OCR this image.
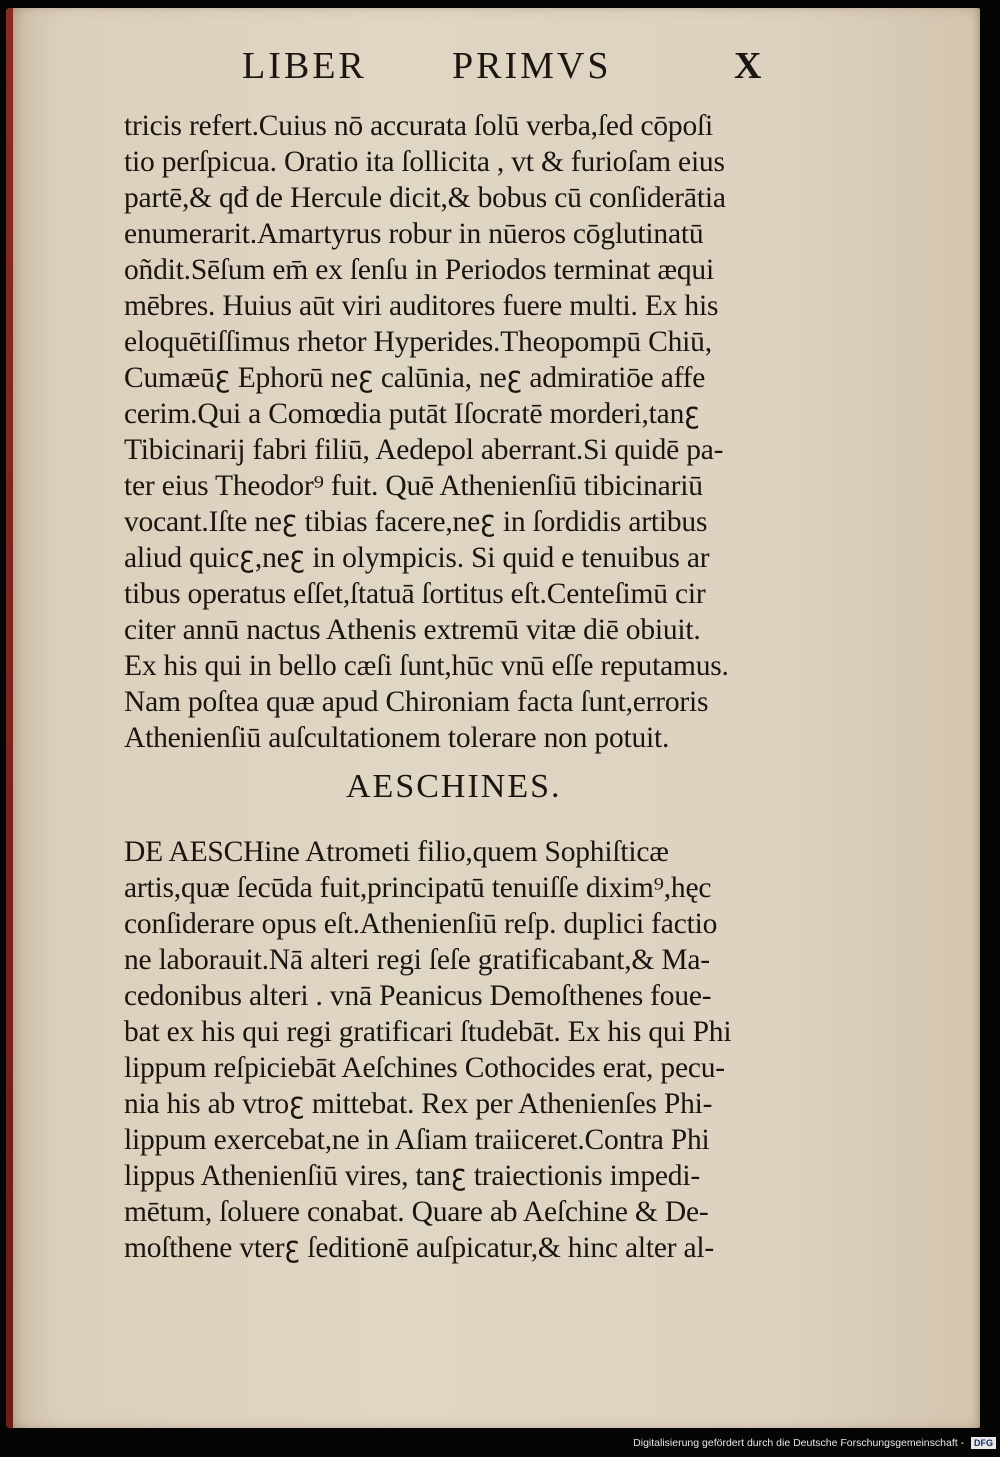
LIBER PRIMVS	X
tricis refert.Cuius nō accurata ſolū verba,ſed cōpoſi
tio perſpicua. Oratio ita ſollicita , vt & furioſam eius
partē,& qđ de Hercule dicit,& bobus cū conſiderātia
enumerarit.Amartyrus robur in nūeros cōglutinatū
oñdit.Sēſum em̄ ex ſenſu in Periodos terminat æqui
mēbres. Huius aūt viri auditores fuere multi. Ex his
eloquētiſſimus rhetor Hyperides.Theopompū Chiū,
Cumæūꜫ Ephorū neꜫ calūnia, neꜫ admiratiōe affe
cerim.Qui a Comœdia putāt Iſocratē morderi,tanꜫ
Tibicinarij fabri filiū, Aedepol aberrant.Si quidē pa-
ter eius Theodor⁹ fuit. Quē Athenienſiū tibicinariū
vocant.Iſte neꜫ tibias facere,neꜫ in ſordidis artibus
aliud quicꜫ,neꜫ in olympicis. Si quid e tenuibus ar
tibus operatus eſſet,ſtatuā ſortitus eſt.Centeſimū cir
citer annū nactus Athenis extremū vitæ diē obiuit.
Ex his qui in bello cæſi ſunt,hūc vnū eſſe reputamus.
Nam poſtea quæ apud Chironiam facta ſunt,erroris
Athenienſiū auſcultationem tolerare non potuit.
AESCHINES.
DE AESCHine Atrometi filio,quem Sophiſticæ
artis,quæ ſecūda fuit,principatū tenuiſſe dixim⁹,hęc
conſiderare opus eſt.Athenienſiū reſp. duplici factio
ne laborauit.Nā alteri regi ſeſe gratificabant,& Ma-
cedonibus alteri . vnā Peanicus Demoſthenes foue-
bat ex his qui regi gratificari ſtudebāt. Ex his qui Phi
lippum reſpiciebāt Aeſchines Cothocides erat, pecu-
nia his ab vtroꜫ mittebat. Rex per Athenienſes Phi-
lippum exercebat,ne in Aſiam traiiceret.Contra Phi
lippus Athenienſiū vires, tanꜫ traiectionis impedi-
mētum, ſoluere conabat. Quare ab Aeſchine & De-
moſthene vterꜫ ſeditionē auſpicatur,& hinc alter al-
Digitalisierung gefördert durch die Deutsche Forschungsgemeinschaft - DFG
